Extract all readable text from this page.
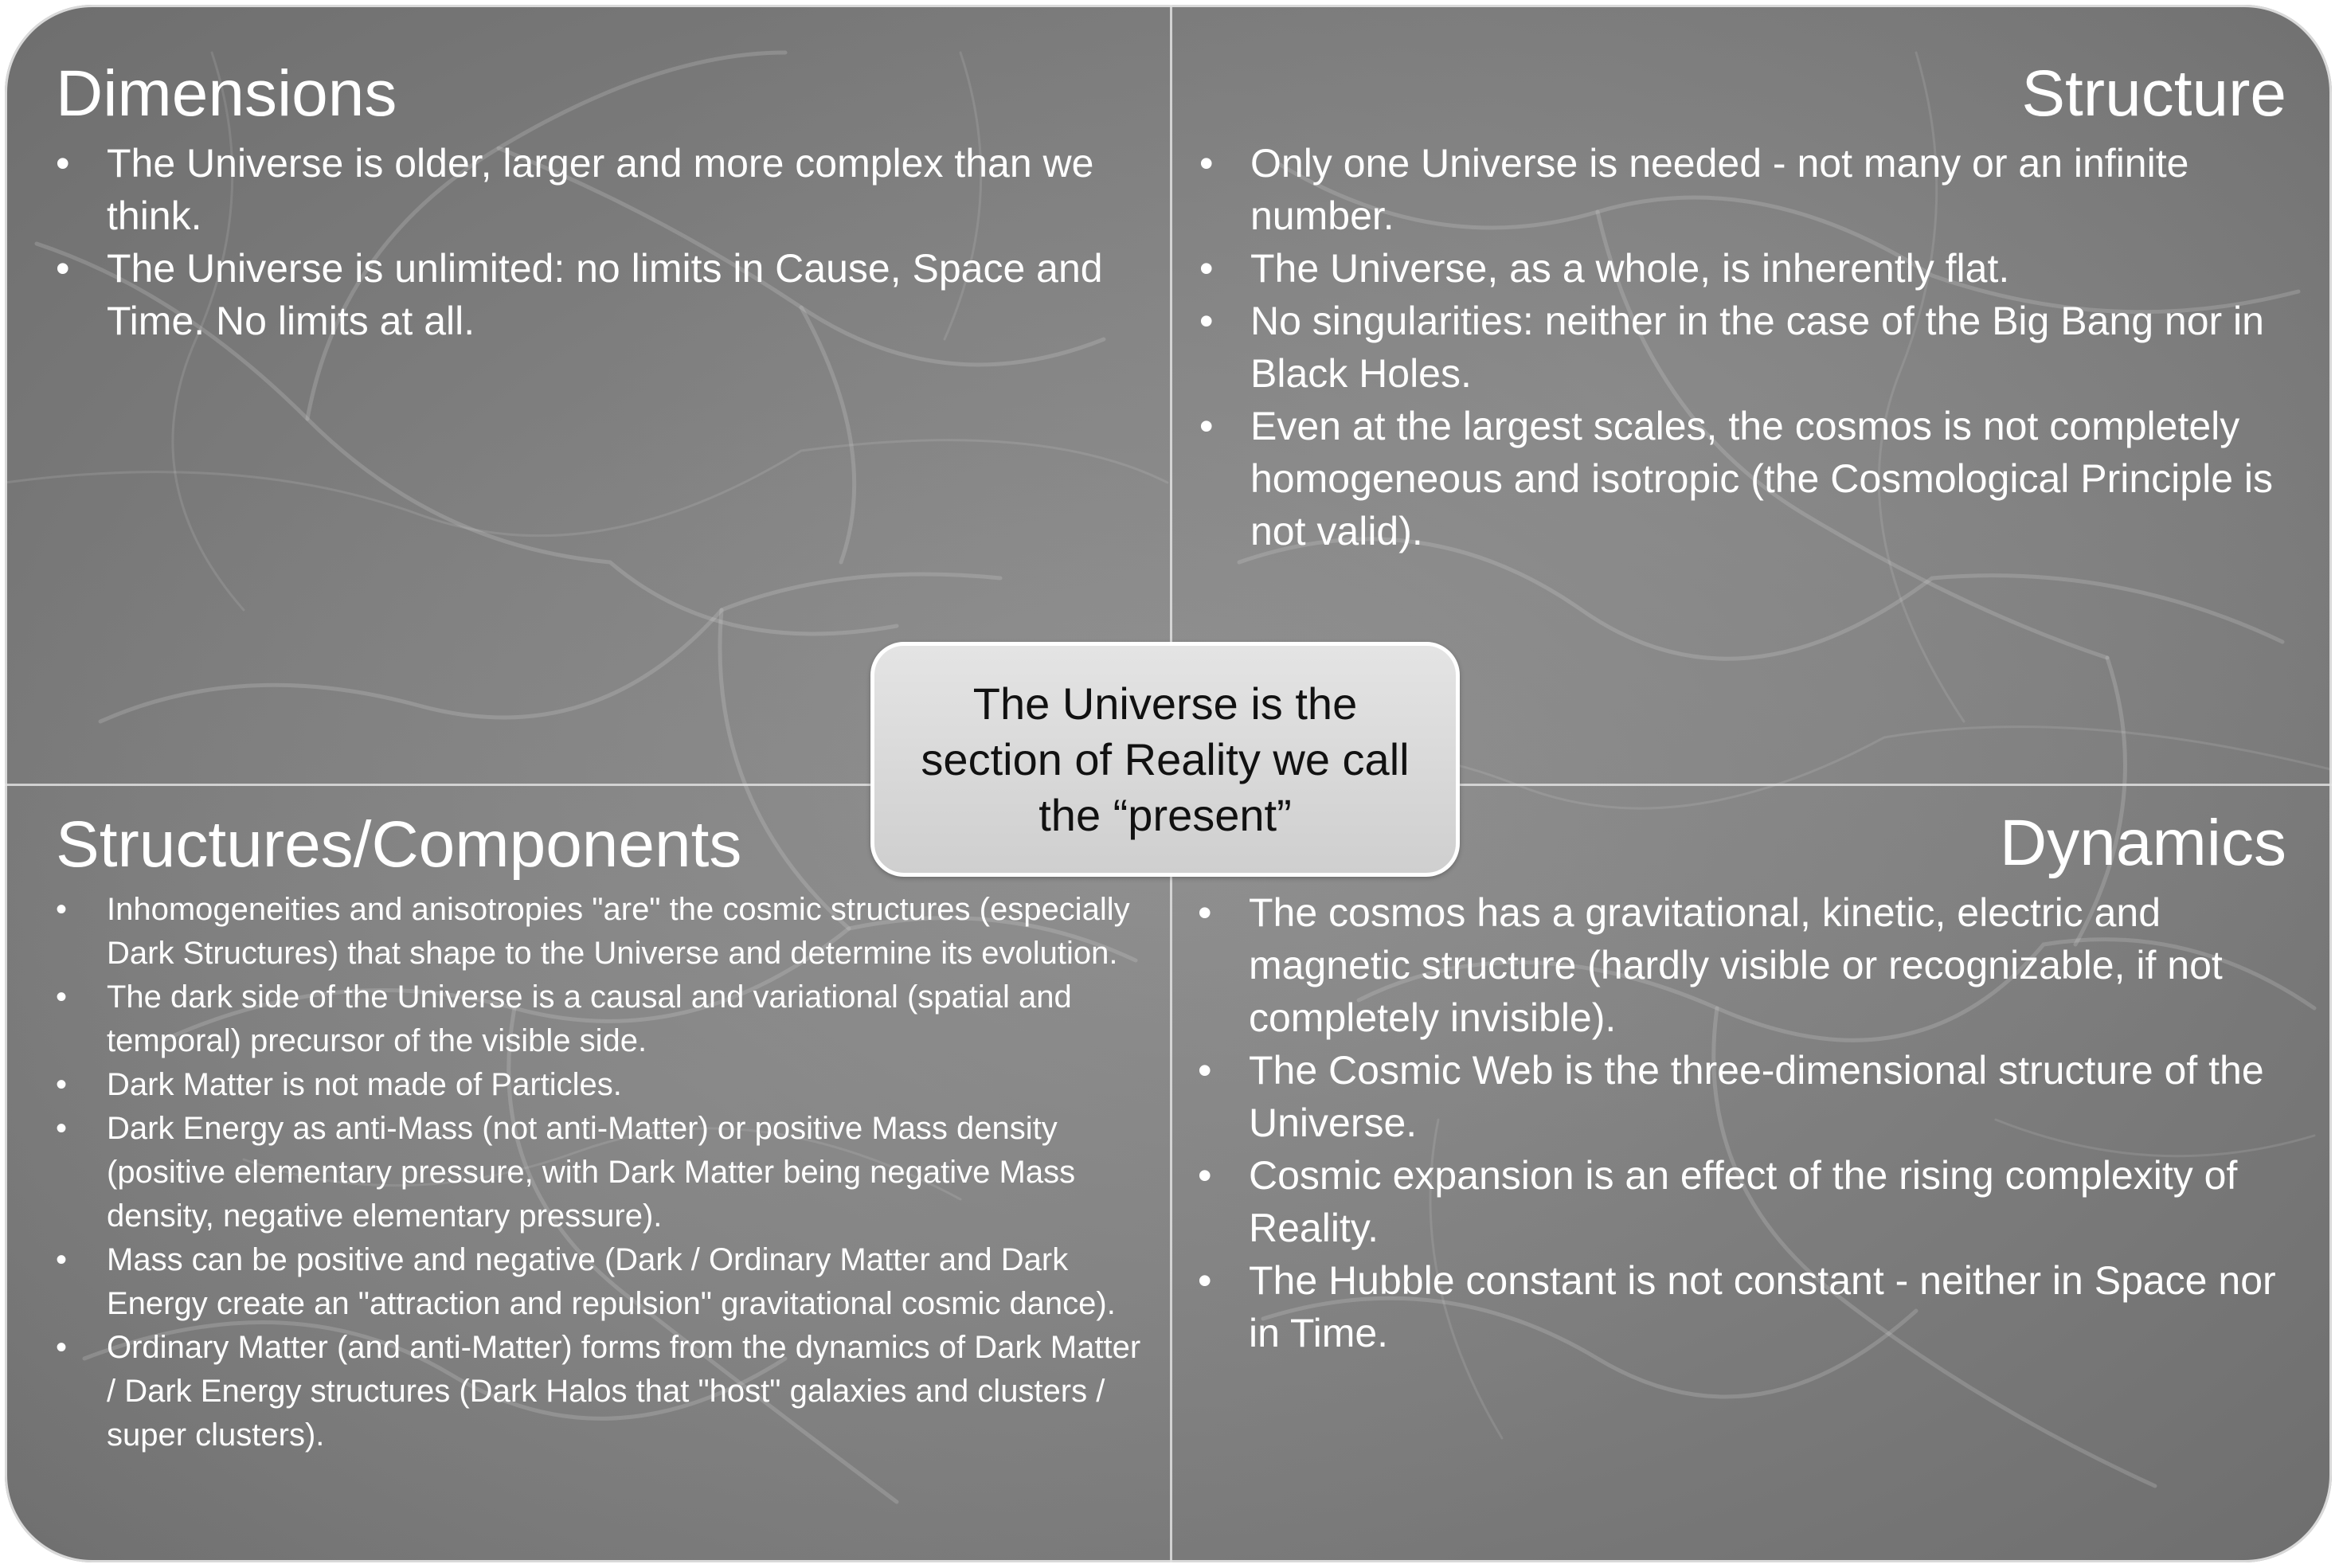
Dimensions
• The Universe is older, larger and more complex than we think.
• The Universe is unlimited: no limits in Cause, Space and Time. No limits at all.
Structure
• Only one Universe is needed - not many or an infinite number.
• The Universe, as a whole, is inherently flat.
• No singularities: neither in the case of the Big Bang nor in Black Holes.
• Even at the largest scales, the cosmos is not completely homogeneous and isotropic (the Cosmological Principle is not valid).
Structures/Components
• Inhomogeneities and anisotropies "are" the cosmic structures (especially Dark Structures) that shape to the Universe and determine its evolution.
• The dark side of the Universe is a causal and variational (spatial and temporal) precursor of the visible side.
• Dark Matter is not made of Particles.
• Dark Energy as anti-Mass (not anti-Matter) or positive Mass density (positive elementary pressure, with Dark Matter being negative Mass density, negative elementary pressure).
• Mass can be positive and negative (Dark / Ordinary Matter and Dark Energy create an "attraction and repulsion" gravitational cosmic dance).
• Ordinary Matter (and anti-Matter) forms from the dynamics of Dark Matter / Dark Energy structures (Dark Halos that "host" galaxies and clusters / super clusters).
Dynamics
• The cosmos has a gravitational, kinetic, electric and magnetic structure (hardly visible or recognizable, if not completely invisible).
• The Cosmic Web is the three-dimensional structure of the Universe.
• Cosmic expansion is an effect of the rising complexity of Reality.
• The Hubble constant is not constant - neither in Space nor in Time.
The Universe is the section of Reality we call the “present”
